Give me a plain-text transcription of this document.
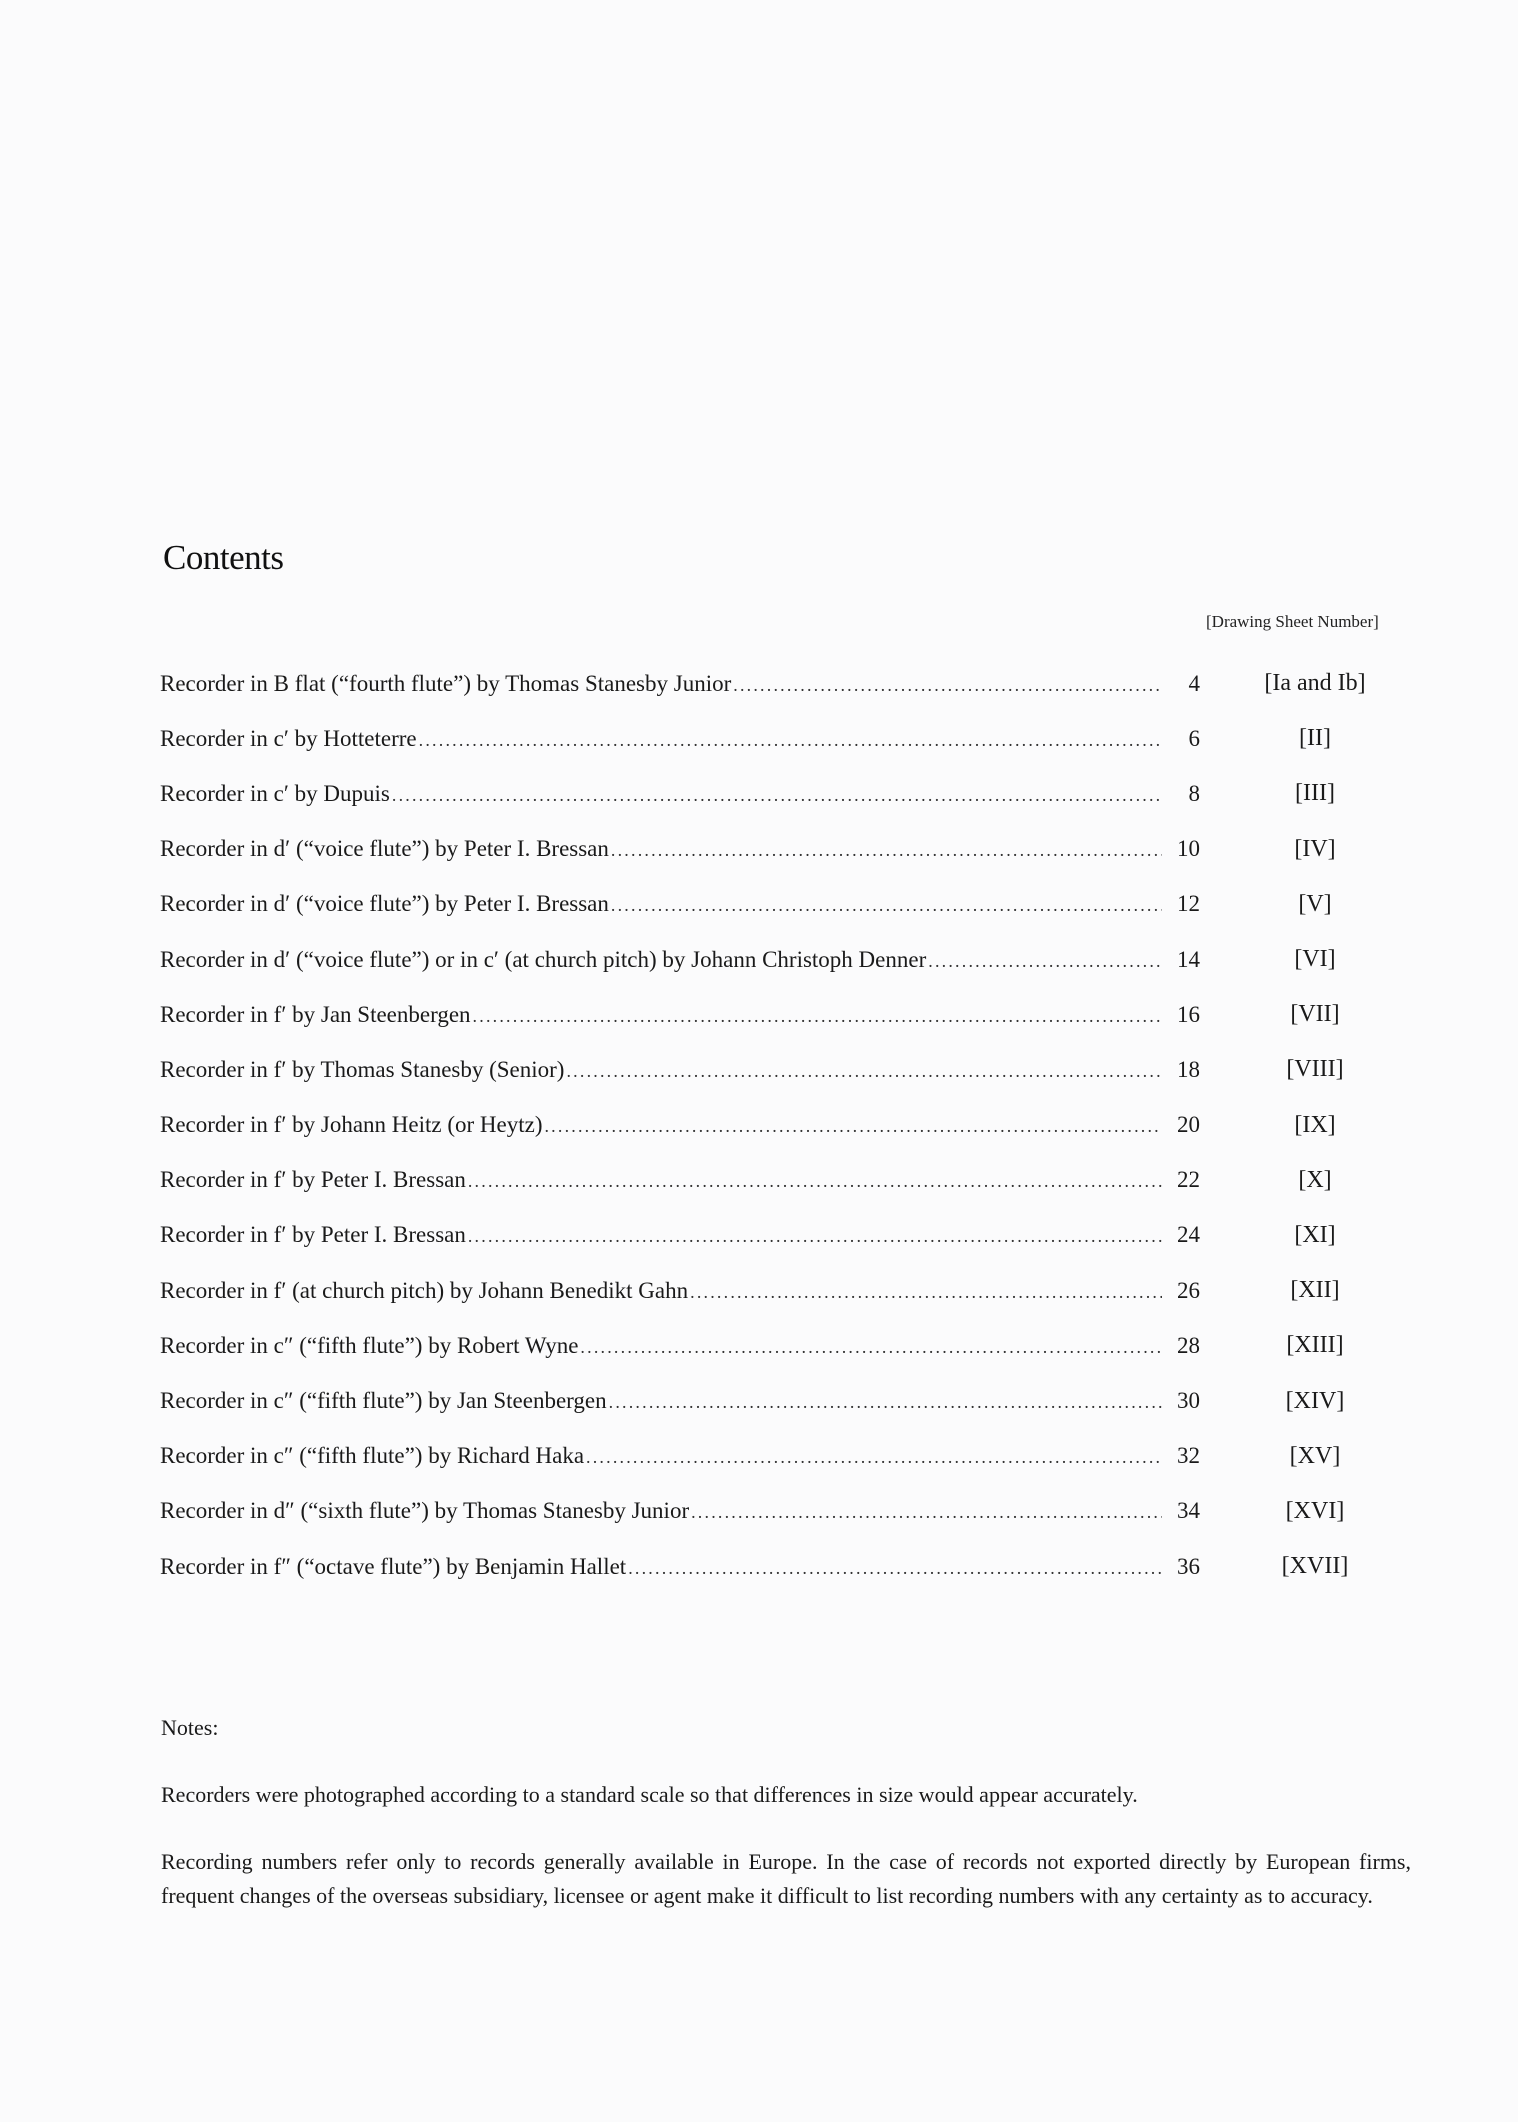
Contents
[Drawing Sheet Number]
Recorder in B flat (“fourth flute”) by Thomas Stanesby Junior .....	4	[Ia and Ib]
Recorder in c′ by Hotteterre .....	6	[II]
Recorder in c′ by Dupuis .....	8	[III]
Recorder in d′ (“voice flute”) by Peter I. Bressan .....	10	[IV]
Recorder in d′ (“voice flute”) by Peter I. Bressan .....	12	[V]
Recorder in d′ (“voice flute”) or in c′ (at church pitch) by Johann Christoph Denner .....	14	[VI]
Recorder in f′ by Jan Steenbergen .....	16	[VII]
Recorder in f′ by Thomas Stanesby (Senior) .....	18	[VIII]
Recorder in f′ by Johann Heitz (or Heytz) .....	20	[IX]
Recorder in f′ by Peter I. Bressan .....	22	[X]
Recorder in f′ by Peter I. Bressan .....	24	[XI]
Recorder in f′ (at church pitch) by Johann Benedikt Gahn .....	26	[XII]
Recorder in c″ (“fifth flute”) by Robert Wyne .....	28	[XIII]
Recorder in c″ (“fifth flute”) by Jan Steenbergen .....	30	[XIV]
Recorder in c″ (“fifth flute”) by Richard Haka .....	32	[XV]
Recorder in d″ (“sixth flute”) by Thomas Stanesby Junior .....	34	[XVI]
Recorder in f″ (“octave flute”) by Benjamin Hallet .....	36	[XVII]

Notes:

Recorders were photographed according to a standard scale so that differences in size would appear accurately.

Recording numbers refer only to records generally available in Europe. In the case of records not exported directly by European firms, frequent changes of the overseas subsidiary, licensee or agent make it difficult to list recording numbers with any certainty as to accuracy.
